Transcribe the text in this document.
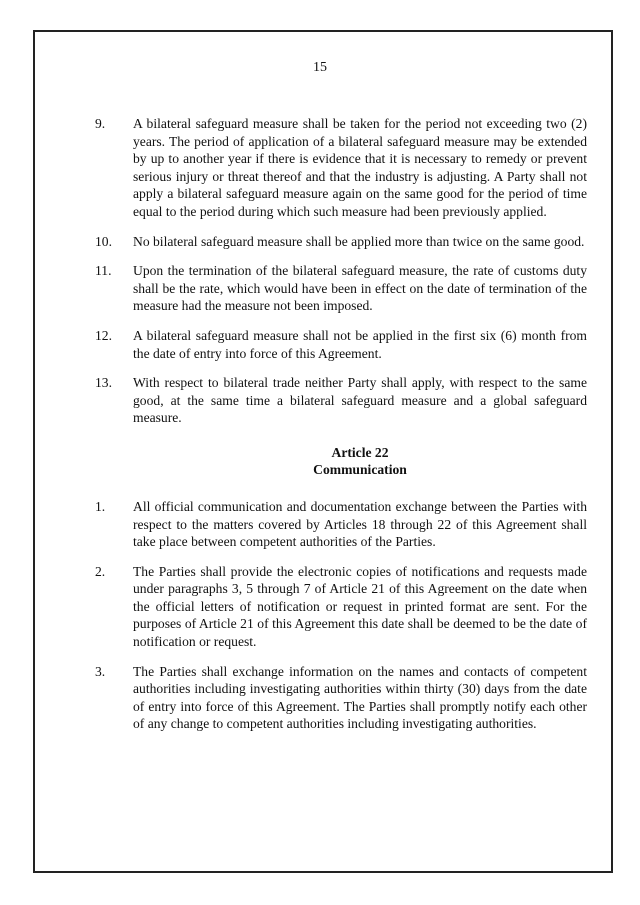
15
9.	A bilateral safeguard measure shall be taken for the period not exceeding two (2) years. The period of application of a bilateral safeguard measure may be extended by up to another year if there is evidence that it is necessary to remedy or prevent serious injury or threat thereof and that the industry is adjusting. A Party shall not apply a bilateral safeguard measure again on the same good for the period of time equal to the period during which such measure had been previously applied.
10.	No bilateral safeguard measure shall be applied more than twice on the same good.
11.	Upon the termination of the bilateral safeguard measure, the rate of customs duty shall be the rate, which would have been in effect on the date of termination of the measure had the measure not been imposed.
12.	A bilateral safeguard measure shall not be applied in the first six (6) month from the date of entry into force of this Agreement.
13.	With respect to bilateral trade neither Party shall apply, with respect to the same good, at the same time a bilateral safeguard measure and a global safeguard measure.
Article 22
Communication
1.	All official communication and documentation exchange between the Parties with respect to the matters covered by Articles 18 through 22 of this Agreement shall take place between competent authorities of the Parties.
2.	The Parties shall provide the electronic copies of notifications and requests made under paragraphs 3, 5 through 7 of Article 21 of this Agreement on the date when the official letters of notification or request in printed format are sent. For the purposes of Article 21 of this Agreement this date shall be deemed to be the date of notification or request.
3.	The Parties shall exchange information on the names and contacts of competent authorities including investigating authorities within thirty (30) days from the date of entry into force of this Agreement. The Parties shall promptly notify each other of any change to competent authorities including investigating authorities.
